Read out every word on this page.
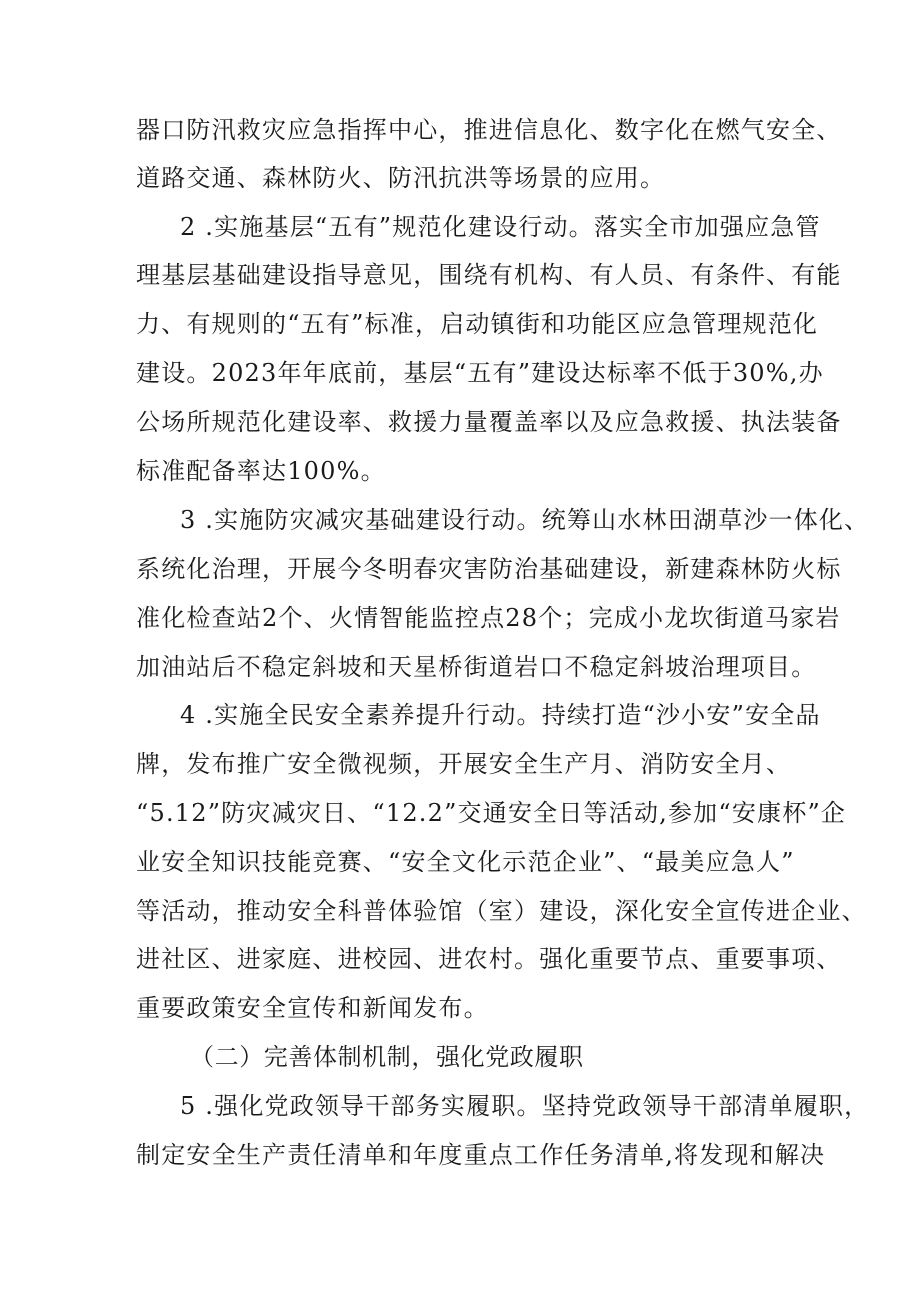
器口防汛救灾应急指挥中心，推进信息化、数字化在燃气安全、
道路交通、森林防火、防汛抗洪等场景的应用。
2 .实施基层“五有”规范化建设行动。落实全市加强应急管
理基层基础建设指导意见，围绕有机构、有人员、有条件、有能
力、有规则的“五有”标准，启动镇街和功能区应急管理规范化
建设。2023年年底前，基层“五有”建设达标率不低于30%,办
公场所规范化建设率、救援力量覆盖率以及应急救援、执法装备
标准配备率达100%。
3 .实施防灾减灾基础建设行动。统筹山水林田湖草沙一体化、
系统化治理，开展今冬明春灾害防治基础建设，新建森林防火标
准化检查站2个、火情智能监控点28个；完成小龙坎街道马家岩
加油站后不稳定斜坡和天星桥街道岩口不稳定斜坡治理项目。
4 .实施全民安全素养提升行动。持续打造“沙小安”安全品
牌，发布推广安全微视频，开展安全生产月、消防安全月、
“5.12”防灾减灾日、“12.2”交通安全日等活动,参加“安康杯”企
业安全知识技能竞赛、“安全文化示范企业”、“最美应急人”
等活动，推动安全科普体验馆（室）建设，深化安全宣传进企业、
进社区、进家庭、进校园、进农村。强化重要节点、重要事项、
重要政策安全宣传和新闻发布。
（二）完善体制机制，强化党政履职
5 .强化党政领导干部务实履职。坚持党政领导干部清单履职，
制定安全生产责任清单和年度重点工作任务清单,将发现和解决
